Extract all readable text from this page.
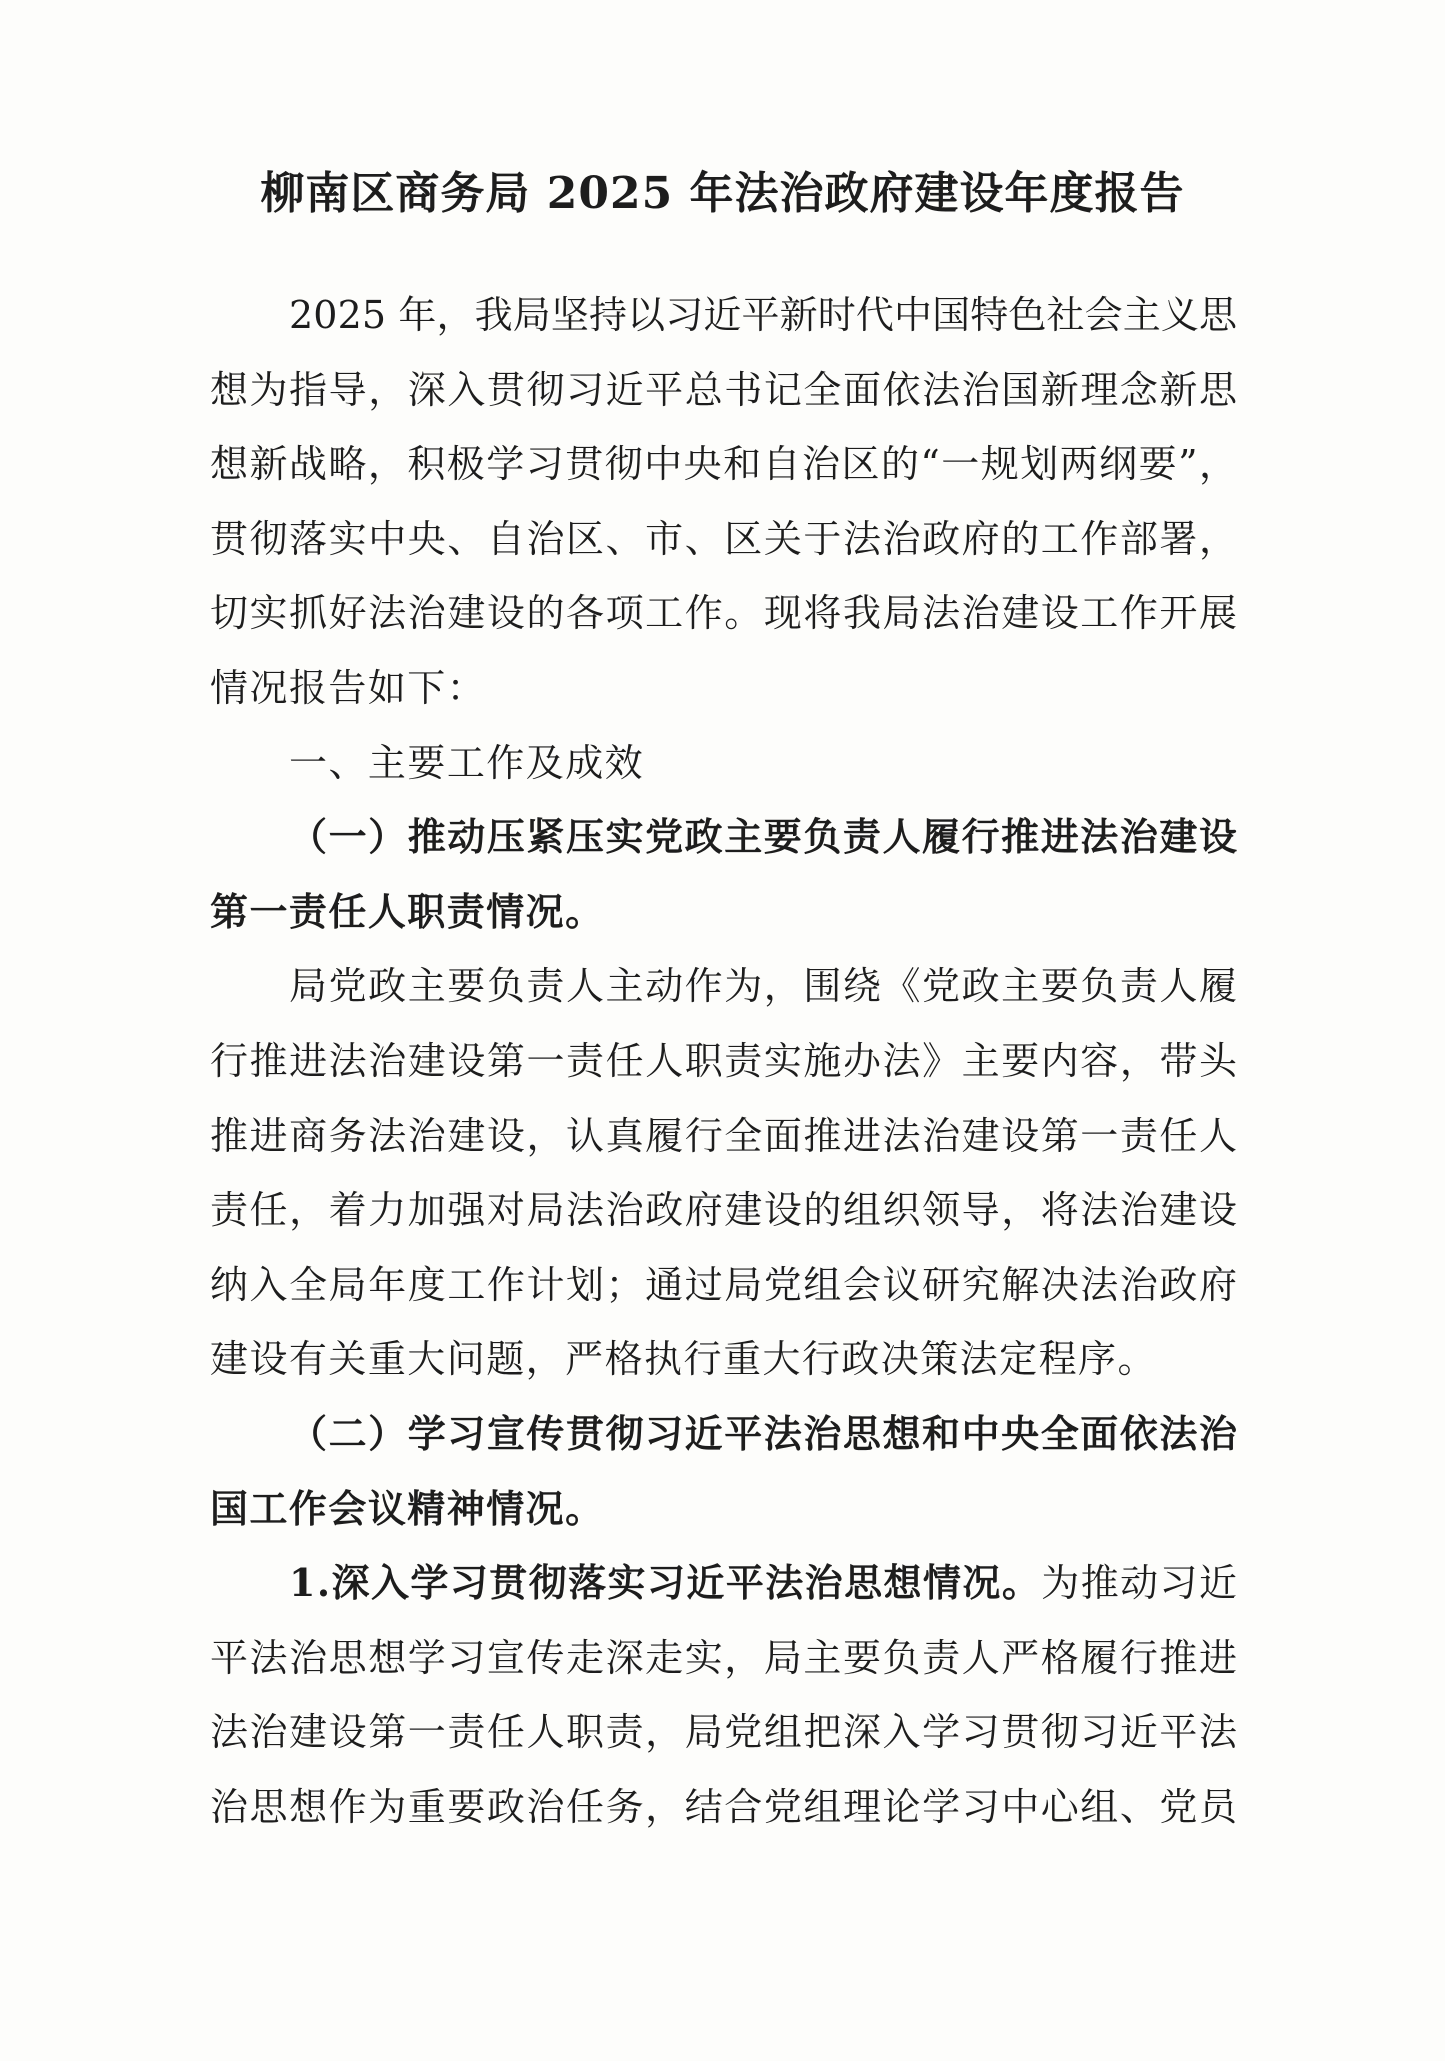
柳南区商务局 2025 年法治政府建设年度报告
2025 年，我局坚持以习近平新时代中国特色社会主义思
想为指导，深入贯彻习近平总书记全面依法治国新理念新思
想新战略，积极学习贯彻中央和自治区的“一规划两纲要”，
贯彻落实中央、自治区、市、区关于法治政府的工作部署，
切实抓好法治建设的各项工作。现将我局法治建设工作开展
情况报告如下：
一、主要工作及成效
（一）推动压紧压实党政主要负责人履行推进法治建设
第一责任人职责情况。
局党政主要负责人主动作为，围绕《党政主要负责人履
行推进法治建设第一责任人职责实施办法》主要内容，带头
推进商务法治建设，认真履行全面推进法治建设第一责任人
责任，着力加强对局法治政府建设的组织领导，将法治建设
纳入全局年度工作计划；通过局党组会议研究解决法治政府
建设有关重大问题，严格执行重大行政决策法定程序。
（二）学习宣传贯彻习近平法治思想和中央全面依法治
国工作会议精神情况。
1.深入学习贯彻落实习近平法治思想情况。为推动习近
平法治思想学习宣传走深走实，局主要负责人严格履行推进
法治建设第一责任人职责，局党组把深入学习贯彻习近平法
治思想作为重要政治任务，结合党组理论学习中心组、党员
